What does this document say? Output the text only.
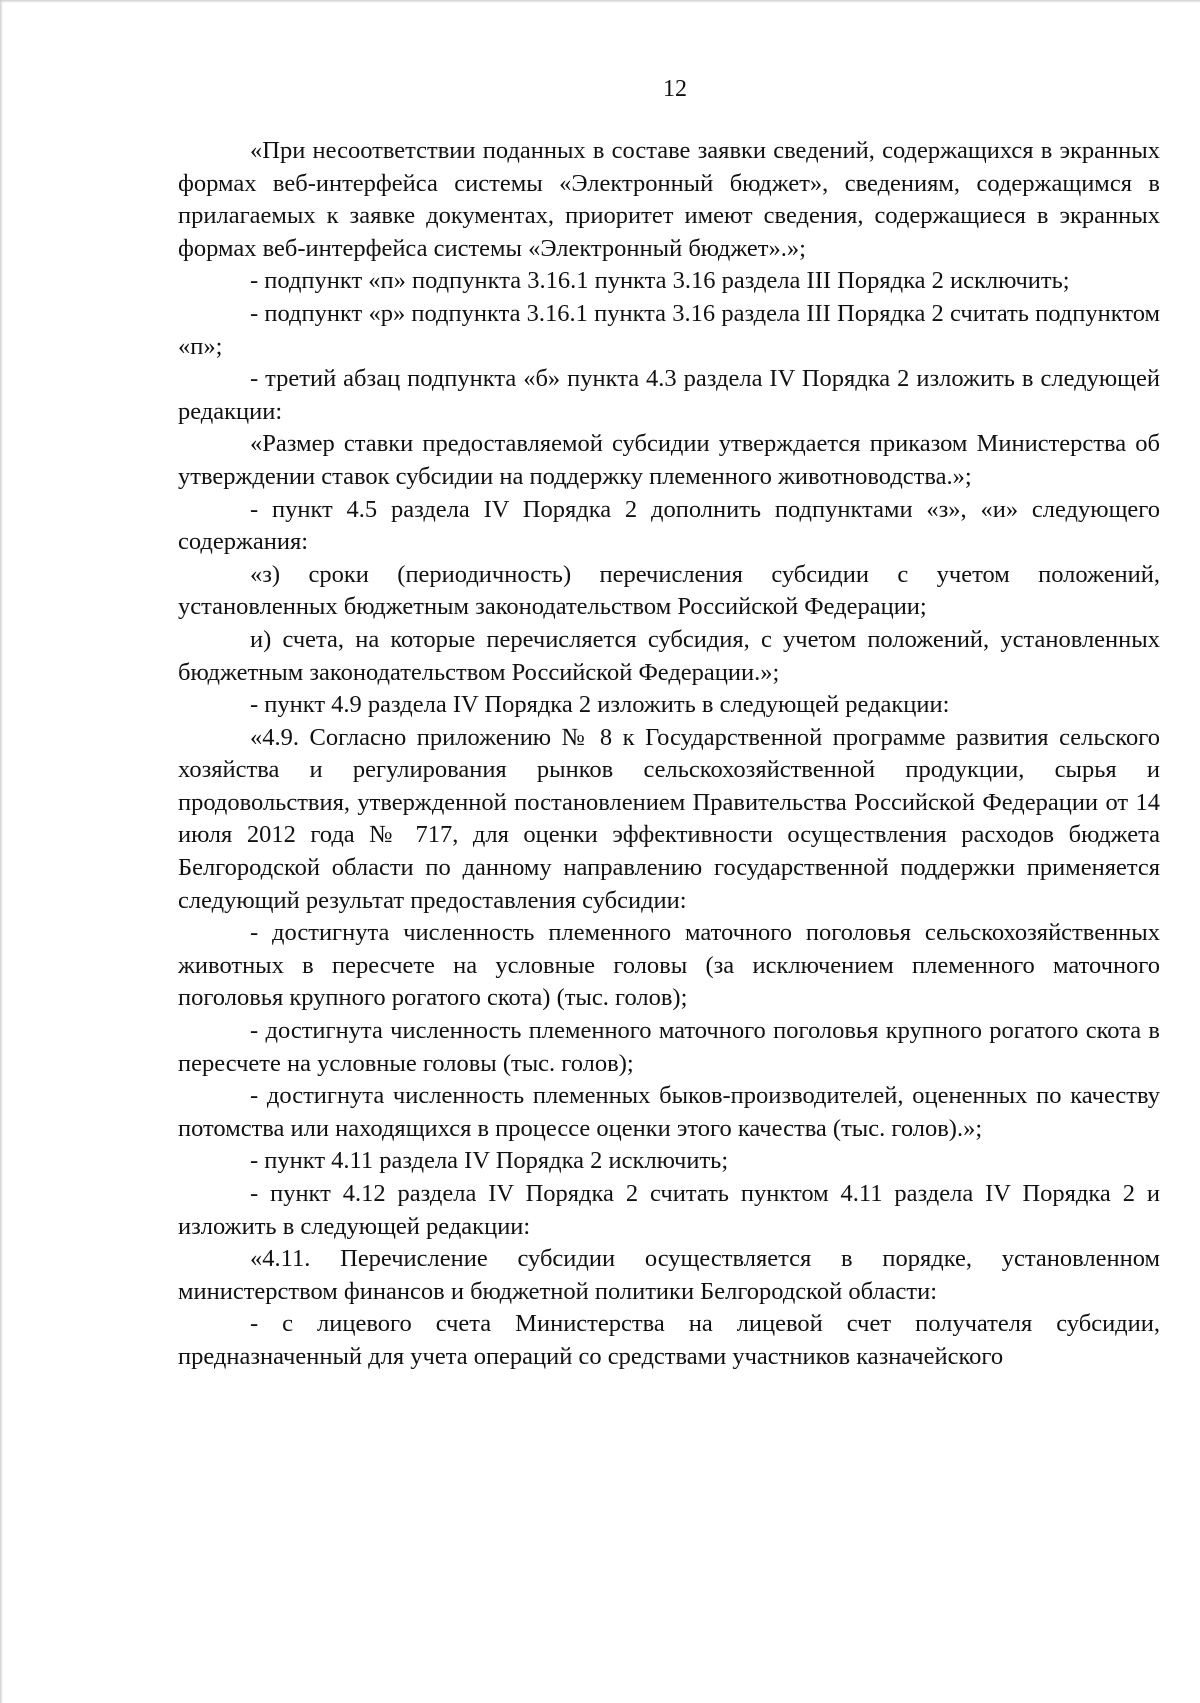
12

«При несоответствии поданных в составе заявки сведений, содержащихся в экранных формах веб-интерфейса системы «Электронный бюджет», сведениям, содержащимся в прилагаемых к заявке документах, приоритет имеют сведения, содержащиеся в экранных формах веб-интерфейса системы «Электронный бюджет».»;

- подпункт «п» подпункта 3.16.1 пункта 3.16 раздела III Порядка 2 исключить;

- подпункт «р» подпункта 3.16.1 пункта 3.16 раздела III Порядка 2 считать подпунктом «п»;

- третий абзац подпункта «б» пункта 4.3 раздела IV Порядка 2 изложить в следующей редакции:

«Размер ставки предоставляемой субсидии утверждается приказом Министерства об утверждении ставок субсидии на поддержку племенного животноводства.»;

- пункт 4.5 раздела IV Порядка 2 дополнить подпунктами «з», «и» следующего содержания:

«з) сроки (периодичность) перечисления субсидии с учетом положений, установленных бюджетным законодательством Российской Федерации;

и) счета, на которые перечисляется субсидия, с учетом положений, установленных бюджетным законодательством Российской Федерации.»;

- пункт 4.9 раздела IV Порядка 2 изложить в следующей редакции:

«4.9. Согласно приложению № 8 к Государственной программе развития сельского хозяйства и регулирования рынков сельскохозяйственной продукции, сырья и продовольствия, утвержденной постановлением Правительства Российской Федерации от 14 июля 2012 года № 717, для оценки эффективности осуществления расходов бюджета Белгородской области по данному направлению государственной поддержки применяется следующий результат предоставления субсидии:

- достигнута численность племенного маточного поголовья сельскохозяйственных животных в пересчете на условные головы (за исключением племенного маточного поголовья крупного рогатого скота) (тыс. голов);

- достигнута численность племенного маточного поголовья крупного рогатого скота в пересчете на условные головы (тыс. голов);

- достигнута численность племенных быков-производителей, оцененных по качеству потомства или находящихся в процессе оценки этого качества (тыс. голов).»;

- пункт 4.11 раздела IV Порядка 2 исключить;

- пункт 4.12 раздела IV Порядка 2 считать пунктом 4.11 раздела IV Порядка 2 и изложить в следующей редакции:

«4.11. Перечисление субсидии осуществляется в порядке, установленном министерством финансов и бюджетной политики Белгородской области:

- с лицевого счета Министерства на лицевой счет получателя субсидии, предназначенный для учета операций со средствами участников казначейского
